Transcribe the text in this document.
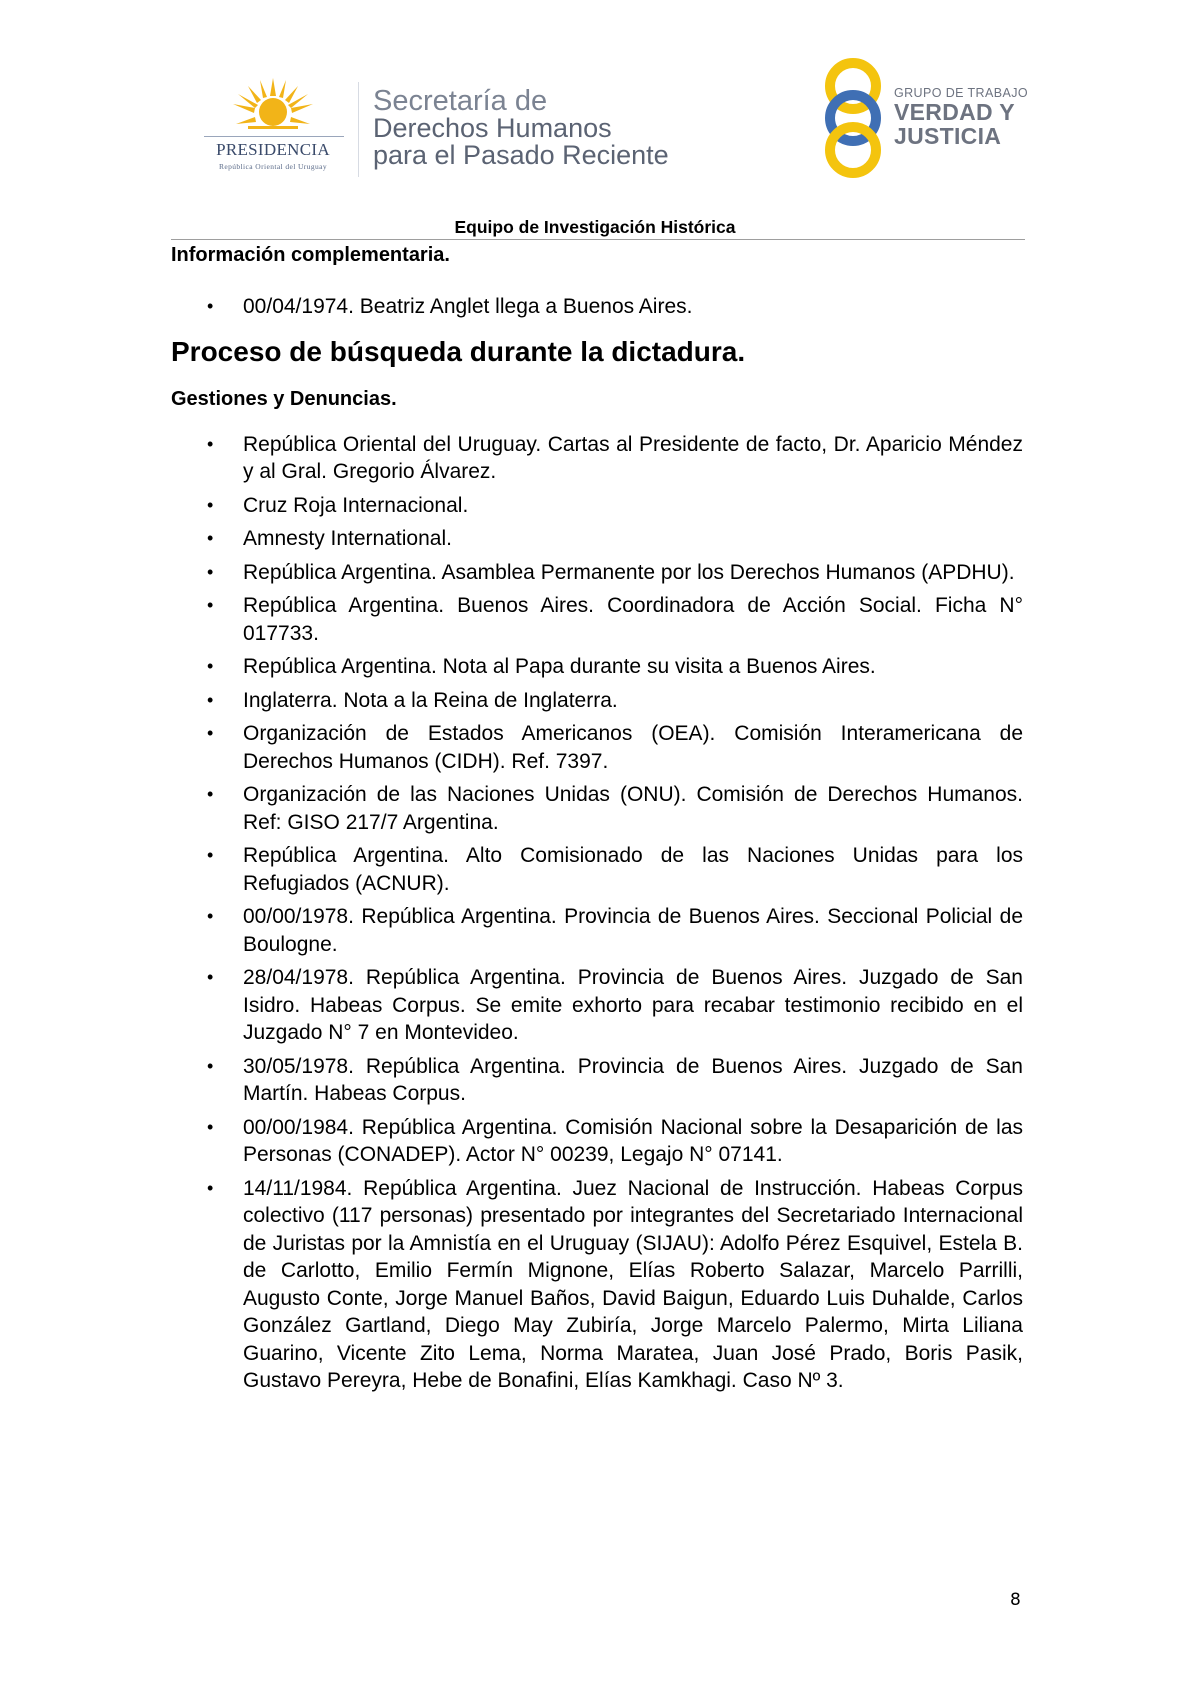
PRESIDENCIA
República Oriental del Uruguay
Secretaría de
Derechos Humanos
para el Pasado Reciente
GRUPO DE TRABAJO
VERDAD Y
JUSTICIA
Equipo de Investigación Histórica
Información complementaria.
• 00/04/1974. Beatriz Anglet llega a Buenos Aires.
Proceso de búsqueda durante la dictadura.
Gestiones y Denuncias.
• República Oriental del Uruguay. Cartas al Presidente de facto, Dr. Aparicio Méndez y al Gral. Gregorio Álvarez.
• Cruz Roja Internacional.
• Amnesty International.
• República Argentina. Asamblea Permanente por los Derechos Humanos (APDHU).
• República Argentina. Buenos Aires. Coordinadora de Acción Social. Ficha N° 017733.
• República Argentina. Nota al Papa durante su visita a Buenos Aires.
• Inglaterra. Nota a la Reina de Inglaterra.
• Organización de Estados Americanos (OEA). Comisión Interamericana de Derechos Humanos (CIDH). Ref. 7397.
• Organización de las Naciones Unidas (ONU). Comisión de Derechos Humanos. Ref: GISO 217/7 Argentina.
• República Argentina. Alto Comisionado de las Naciones Unidas para los Refugiados (ACNUR).
• 00/00/1978. República Argentina. Provincia de Buenos Aires. Seccional Policial de Boulogne.
• 28/04/1978. República Argentina. Provincia de Buenos Aires. Juzgado de San Isidro. Habeas Corpus. Se emite exhorto para recabar testimonio recibido en el Juzgado N° 7 en Montevideo.
• 30/05/1978. República Argentina. Provincia de Buenos Aires. Juzgado de San Martín. Habeas Corpus.
• 00/00/1984. República Argentina. Comisión Nacional sobre la Desaparición de las Personas (CONADEP). Actor N° 00239, Legajo N° 07141.
• 14/11/1984. República Argentina. Juez Nacional de Instrucción. Habeas Corpus colectivo (117 personas) presentado por integrantes del Secretariado Internacional de Juristas por la Amnistía en el Uruguay (SIJAU): Adolfo Pérez Esquivel, Estela B. de Carlotto, Emilio Fermín Mignone, Elías Roberto Salazar, Marcelo Parrilli, Augusto Conte, Jorge Manuel Baños, David Baigun, Eduardo Luis Duhalde, Carlos González Gartland, Diego May Zubiría, Jorge Marcelo Palermo, Mirta Liliana Guarino, Vicente Zito Lema, Norma Maratea, Juan José Prado, Boris Pasik, Gustavo Pereyra, Hebe de Bonafini, Elías Kamkhagi. Caso Nº 3.
8
